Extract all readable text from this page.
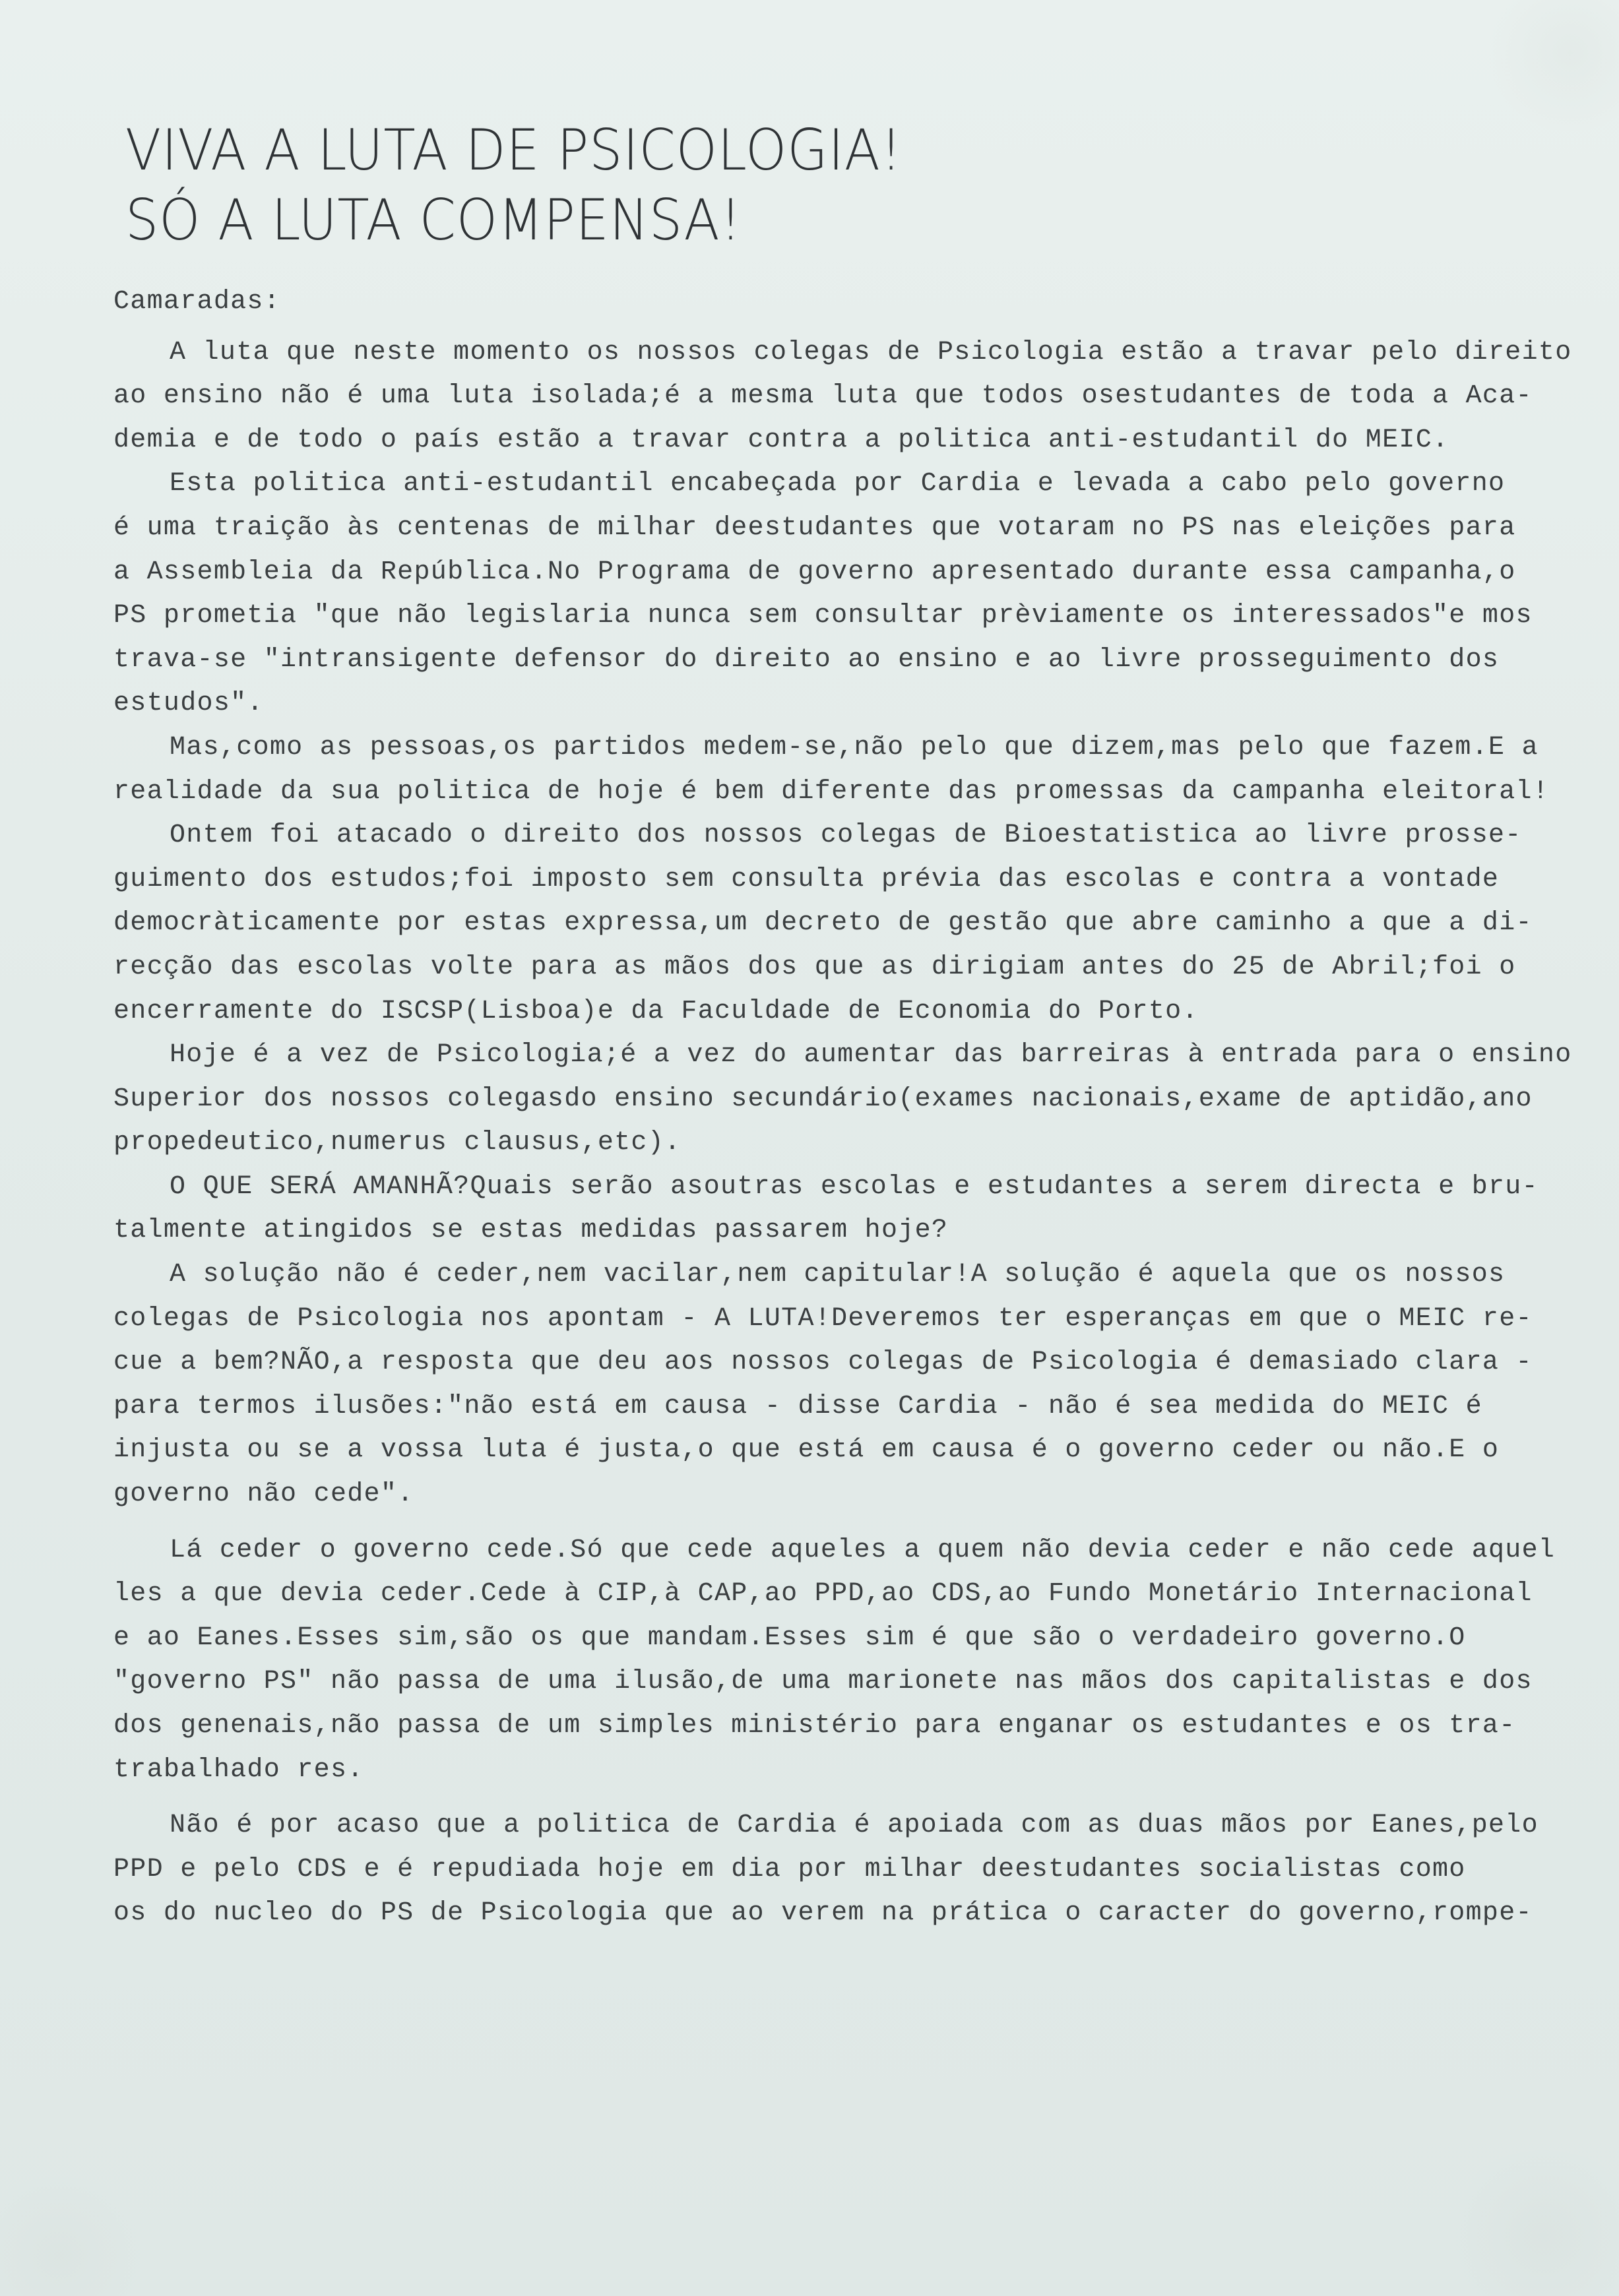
VIVA A LUTA DE PSICOLOGIA!
SÓ A LUTA COMPENSA!
Camaradas:
A luta que neste momento os nossos colegas de Psicologia estão a travar pelo direito
ao ensino não é uma luta isolada;é a mesma luta que todos osestudantes de toda a Aca-
demia e de todo o país estão a travar contra a politica anti-estudantil do MEIC.
Esta politica anti-estudantil encabeçada por Cardia e levada a cabo pelo governo
é uma traição às centenas de milhar deestudantes que votaram no PS nas eleições para
a Assembleia da República.No Programa de governo apresentado durante essa campanha,o
PS prometia "que não legislaria nunca sem consultar prèviamente os interessados"e mos
trava-se "intransigente defensor do direito ao ensino e ao livre prosseguimento dos
estudos".
Mas,como as pessoas,os partidos medem-se,não pelo que dizem,mas pelo que fazem.E a
realidade da sua politica de hoje é bem diferente das promessas da campanha eleitoral!
Ontem foi atacado o direito dos nossos colegas de Bioestatistica ao livre prosse-
guimento dos estudos;foi imposto sem consulta prévia das escolas e contra a vontade
democràticamente por estas expressa,um decreto de gestão que abre caminho a que a di-
recção das escolas volte para as mãos dos que as dirigiam antes do 25 de Abril;foi o
encerramente do ISCSP(Lisboa)e da Faculdade de Economia do Porto.
Hoje é a vez de Psicologia;é a vez do aumentar das barreiras à entrada para o ensino
Superior dos nossos colegasdo ensino secundário(exames nacionais,exame de aptidão,ano
propedeutico,numerus clausus,etc).
O QUE SERÁ AMANHÃ?Quais serão asoutras escolas e estudantes a serem directa e bru-
talmente atingidos se estas medidas passarem hoje?
A solução não é ceder,nem vacilar,nem capitular!A solução é aquela que os nossos
colegas de Psicologia nos apontam - A LUTA!Deveremos ter esperanças em que o MEIC re-
cue a bem?NÃO,a resposta que deu aos nossos colegas de Psicologia é demasiado clara -
para termos ilusões:"não está em causa - disse Cardia - não é sea medida do MEIC é
injusta ou se a vossa luta é justa,o que está em causa é o governo ceder ou não.E o
governo não cede".
Lá ceder o governo cede.Só que cede aqueles a quem não devia ceder e não cede aquel
les a que devia ceder.Cede à CIP,à CAP,ao PPD,ao CDS,ao Fundo Monetário Internacional
e ao Eanes.Esses sim,são os que mandam.Esses sim é que são o verdadeiro governo.O
"governo PS" não passa de uma ilusão,de uma marionete nas mãos dos capitalistas e dos
dos genenais,não passa de um simples ministério para enganar os estudantes e os tra-
trabalhado res.
Não é por acaso que a politica de Cardia é apoiada com as duas mãos por Eanes,pelo
PPD e pelo CDS e é repudiada hoje em dia por milhar deestudantes socialistas como
os do nucleo do PS de Psicologia que ao verem na prática o caracter do governo,rompe-
